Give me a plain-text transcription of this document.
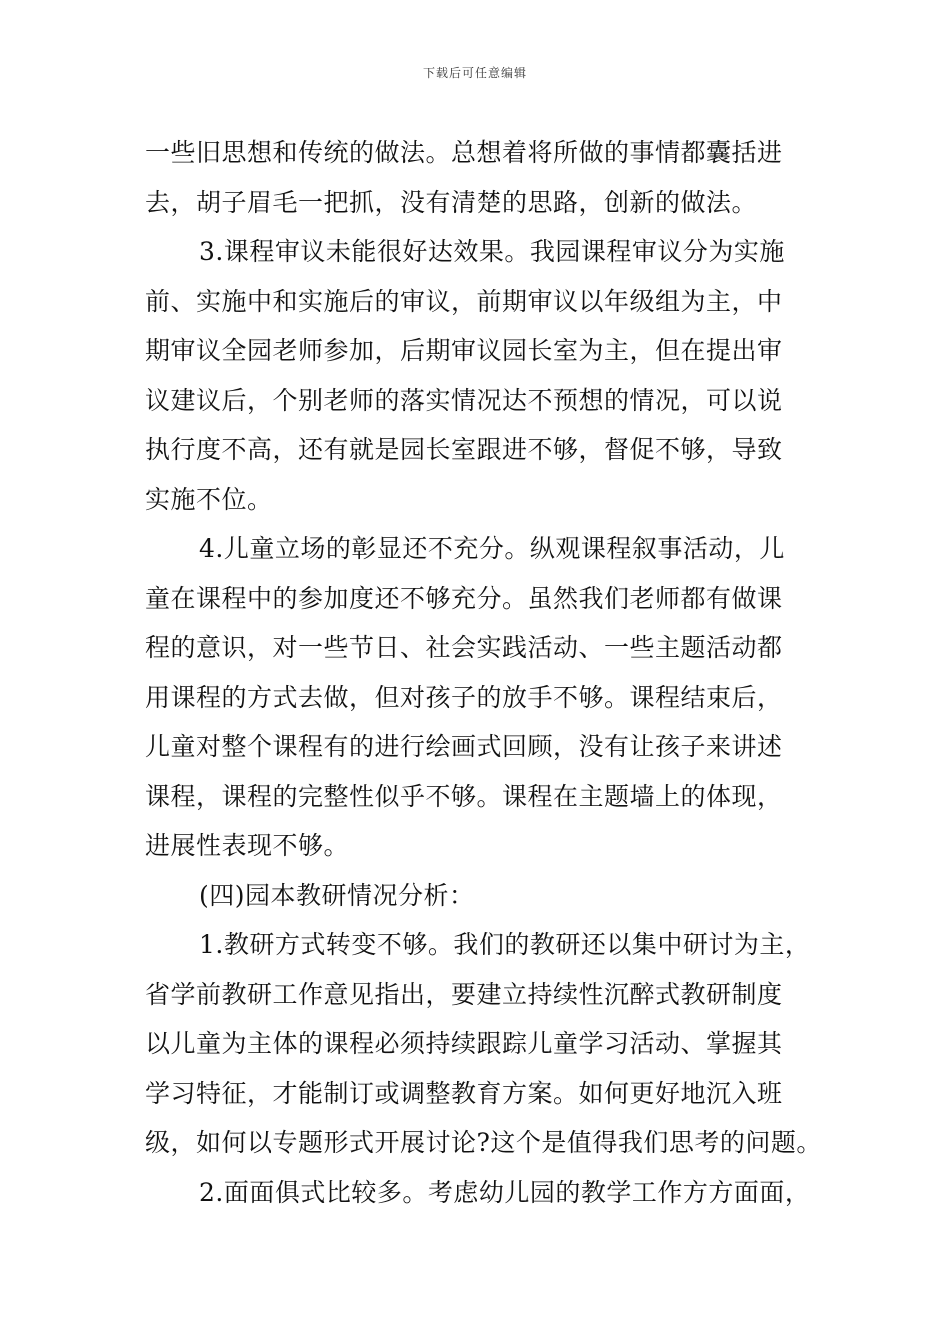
下载后可任意编辑
一些旧思想和传统的做法。总想着将所做的事情都囊括进
去，胡子眉毛一把抓，没有清楚的思路，创新的做法。
3.课程审议未能很好达效果。我园课程审议分为实施
前、实施中和实施后的审议，前期审议以年级组为主，中
期审议全园老师参加，后期审议园长室为主，但在提出审
议建议后，个别老师的落实情况达不预想的情况，可以说
执行度不高，还有就是园长室跟进不够，督促不够，导致
实施不位。
4.儿童立场的彰显还不充分。纵观课程叙事活动，儿
童在课程中的参加度还不够充分。虽然我们老师都有做课
程的意识，对一些节日、社会实践活动、一些主题活动都
用课程的方式去做，但对孩子的放手不够。课程结束后，
儿童对整个课程有的进行绘画式回顾，没有让孩子来讲述
课程，课程的完整性似乎不够。课程在主题墙上的体现，
进展性表现不够。
(四)园本教研情况分析：
1.教研方式转变不够。我们的教研还以集中研讨为主，
省学前教研工作意见指出，要建立持续性沉醉式教研制度
以儿童为主体的课程必须持续跟踪儿童学习活动、掌握其
学习特征，才能制订或调整教育方案。如何更好地沉入班
级，如何以专题形式开展讨论?这个是值得我们思考的问题。
2.面面俱式比较多。考虑幼儿园的教学工作方方面面，
